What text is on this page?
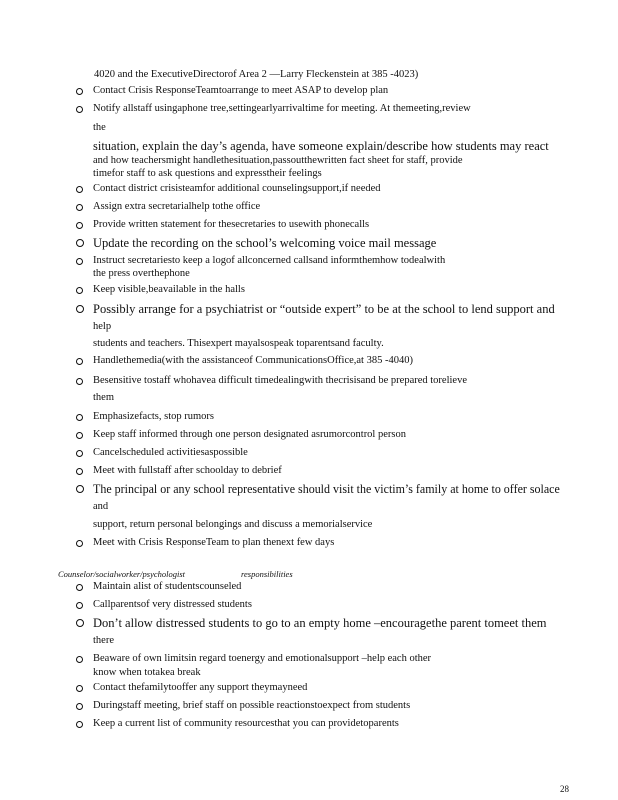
4020 and the ExecutiveDirectorof Area 2 —Larry Fleckenstein at 385 -4023)
Contact Crisis ResponseTeamtoarrange to meet ASAP to develop plan
Notify allstaff usingaphone tree,settingearlyarrivaltime for meeting. At themeeting,review
the
situation, explain the day’s agenda, have someone explain/describe how students may react
and how teachersmight handlethesituation,passoutthewritten fact sheet for staff, provide
timefor staff to ask questions and expresstheir feelings
Contact district crisisteamfor additional counselingsupport,if needed
Assign extra secretarialhelp tothe office
Provide written statement for thesecretaries to usewith phonecalls
Update the recording on the school’s welcoming voice mail message
Instruct secretariesto keep a logof allconcerned callsand informthemhow todealwith
the press overthephone
Keep visible,beavailable in the halls
Possibly arrange for a psychiatrist or “outside expert” to be at the school to lend support and
help
students and teachers. Thisexpert mayalsospeak toparentsand faculty.
Handlethemedia(with the assistanceof CommunicationsOffice,at 385 -4040)
Besensitive tostaff whohavea difficult timedealingwith thecrisisand be prepared torelieve
them
Emphasizefacts, stop rumors
Keep staff informed through one person designated asrumorcontrol person
Cancelscheduled activitiesaspossible
Meet with fullstaff after schoolday to debrief
The principal or any school representative should visit the victim’s family at home to offer solace
and
support, return personal belongings and discuss a memorialservice
Meet with Crisis ResponseTeam to plan thenext few days
Maintain alist of studentscounseled
Callparentsof very distressed students
Don’t allow distressed students to go to an empty home –encouragethe parent tomeet them
there
Beaware of own limitsin regard toenergy and emotionalsupport –help each other
know when totakea break
Contact thefamilytooffer any support theymayneed
Duringstaff meeting, brief staff on possible reactionstoexpect from students
Keep a current list of community resourcesthat you can providetoparents
Counselor/socialworker/psychologist	responsibilities
28
